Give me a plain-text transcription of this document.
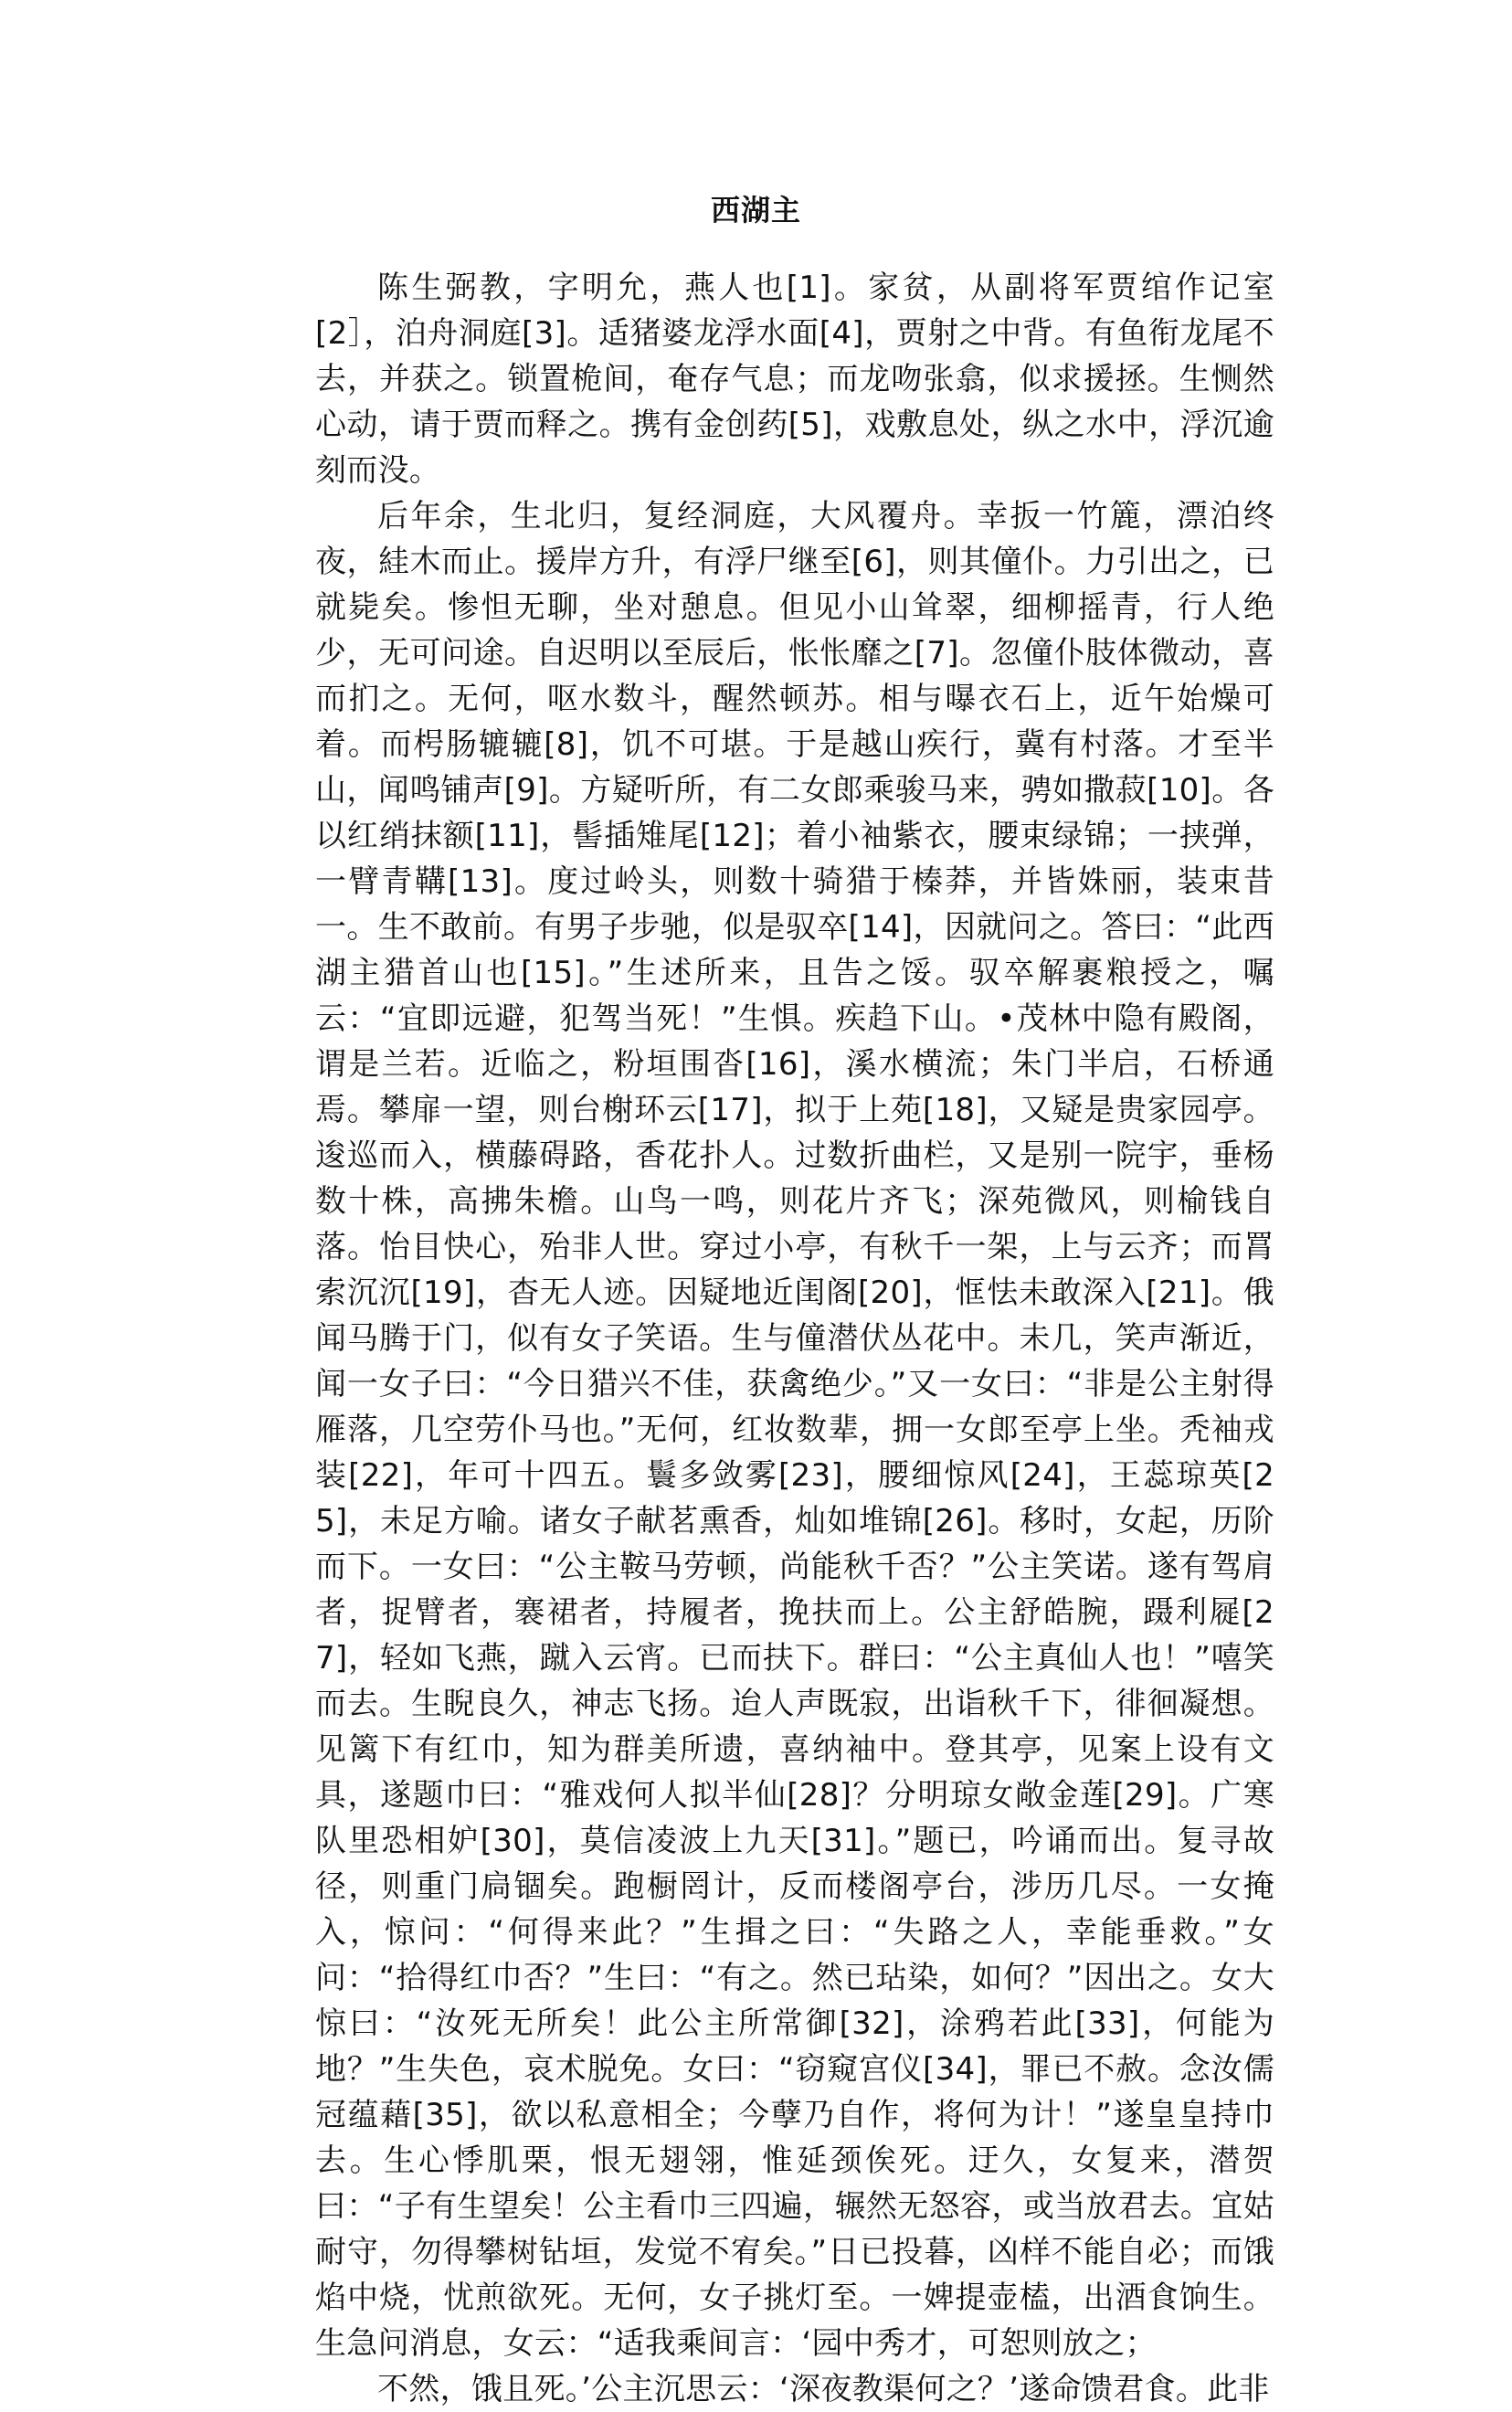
西湖主

陈生弼教，字明允，燕人也[1]。家贫，从副将军贾绾作记室[2］，泊舟洞庭[3]。适猪婆龙浮水面[4]，贾射之中背。有鱼衔龙尾不去，并获之。锁置桅间，奄存气息；而龙吻张翕，似求援拯。生恻然心动，请于贾而释之。携有金创药[5]，戏敷息处，纵之水中，浮沉逾刻而没。

后年余，生北归，复经洞庭，大风覆舟。幸扳一竹簏，漂泊终夜，絓木而止。援岸方升，有浮尸继至[6]，则其僮仆。力引出之，已就毙矣。惨怛无聊，坐对憩息。但见小山耸翠，细柳摇青，行人绝少，无可问途。自迟明以至辰后，怅怅靡之[7]。忽僮仆肢体微动，喜而扪之。无何，呕水数斗，醒然顿苏。相与曝衣石上，近午始燥可着。而枵肠辘辘[8]，饥不可堪。于是越山疾行，冀有村落。才至半山，闻鸣铺声[9]。方疑听所，有二女郎乘骏马来，骋如撒菽[10]。各以红绡抹额[11]，髻插雉尾[12]；着小袖紫衣，腰束绿锦；一挟弹，一臂青鞲[13]。度过岭头，则数十骑猎于榛莽，并皆姝丽，装束昔一。生不敢前。有男子步驰，似是驭卒[14]，因就问之。答曰：“此西湖主猎首山也[15]。”生述所来，且告之馁。驭卒解裹粮授之，嘱云：“宜即远避，犯驾当死！”生惧。疾趋下山。•茂林中隐有殿阁，谓是兰若。近临之，粉垣围沓[16]，溪水横流；朱门半启，石桥通焉。攀扉一望，则台榭环云[17]，拟于上苑[18]，又疑是贵家园亭。逡巡而入，横藤碍路，香花扑人。过数折曲栏，又是别一院宇，垂杨数十株，高拂朱檐。山鸟一鸣，则花片齐飞；深苑微风，则榆钱自落。怡目快心，殆非人世。穿过小亭，有秋千一架，上与云齐；而罥索沉沉[19]，杳无人迹。因疑地近闺阁[20]，恇怯未敢深入[21]。俄闻马腾于门，似有女子笑语。生与僮潜伏丛花中。未几，笑声渐近，闻一女子曰：“今日猎兴不佳，获禽绝少。”又一女曰：“非是公主射得雁落，几空劳仆马也。”无何，红妆数辈，拥一女郎至亭上坐。秃袖戎装[22]，年可十四五。鬟多敛雾[23]，腰细惊风[24]，王蕊琼英[25]，未足方喻。诸女子献茗熏香，灿如堆锦[26]。移时，女起，历阶而下。一女曰：“公主鞍马劳顿，尚能秋千否？”公主笑诺。遂有驾肩者，捉臂者，褰裙者，持履者，挽扶而上。公主舒皓腕，蹑利屣[27]，轻如飞燕，蹴入云宵。已而扶下。群曰：“公主真仙人也！”嘻笑而去。生睨良久，神志飞扬。迨人声既寂，出诣秋千下，徘徊凝想。见篱下有红巾，知为群美所遗，喜纳袖中。登其亭，见案上设有文具，遂题巾曰：“雅戏何人拟半仙[28]？分明琼女敞金莲[29]。广寒队里恐相妒[30]，莫信凌波上九天[31]。”题已，吟诵而出。复寻故径，则重门扃锢矣。跑橱罔计，反而楼阁亭台，涉历几尽。一女掩入，惊问：“何得来此？”生揖之曰：“失路之人，幸能垂救。”女问：“拾得红巾否？”生曰：“有之。然已玷染，如何？”因出之。女大惊曰：“汝死无所矣！此公主所常御[32]，涂鸦若此[33]，何能为地？”生失色，哀术脱免。女曰：“窃窥宫仪[34]，罪已不赦。念汝儒冠蕴藉[35]，欲以私意相全；今孽乃自作，将何为计！”遂皇皇持巾去。生心悸肌栗，恨无翅翎，惟延颈俟死。迂久，女复来，潜贺曰：“子有生望矣！公主看巾三四遍，辗然无怒容，或当放君去。宜姑耐守，勿得攀树钻垣，发觉不宥矣。”日已投暮，凶样不能自必；而饿焰中烧，忧煎欲死。无何，女子挑灯至。一婢提壶榼，出酒食饷生。生急问消息，女云：“适我乘间言：‘园中秀才，可恕则放之；

不然，饿且死。’公主沉思云：‘深夜教渠何之？’遂命馈君食。此非
